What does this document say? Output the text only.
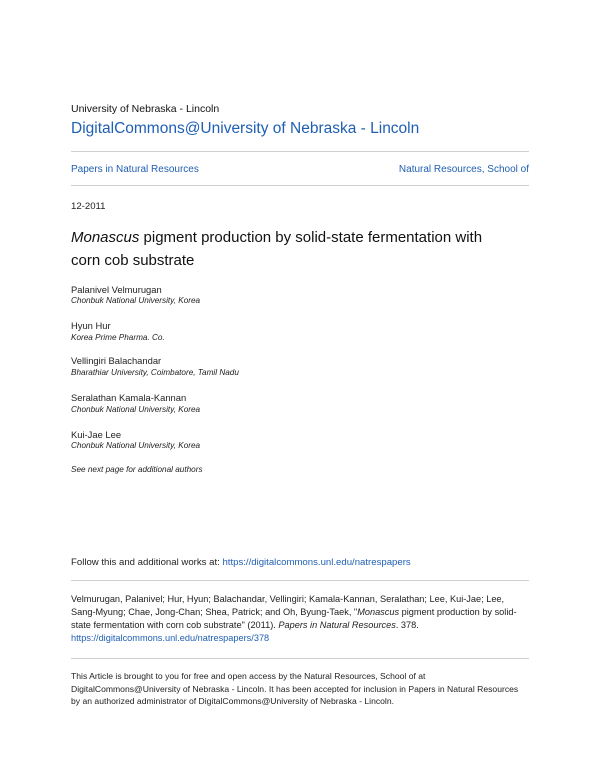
University of Nebraska - Lincoln
DigitalCommons@University of Nebraska - Lincoln
Papers in Natural Resources	Natural Resources, School of
12-2011
Monascus pigment production by solid-state fermentation with
corn cob substrate
Palanivel Velmurugan
Chonbuk National University, Korea
Hyun Hur
Korea Prime Pharma. Co.
Vellingiri Balachandar
Bharathiar University, Coimbatore, Tamil Nadu
Seralathan Kamala-Kannan
Chonbuk National University, Korea
Kui-Jae Lee
Chonbuk National University, Korea
See next page for additional authors
Follow this and additional works at: https://digitalcommons.unl.edu/natrespapers
Velmurugan, Palanivel; Hur, Hyun; Balachandar, Vellingiri; Kamala-Kannan, Seralathan; Lee, Kui-Jae; Lee, Sang-Myung; Chae, Jong-Chan; Shea, Patrick; and Oh, Byung-Taek, "Monascus pigment production by solid-state fermentation with corn cob substrate" (2011). Papers in Natural Resources. 378.
https://digitalcommons.unl.edu/natrespapers/378
This Article is brought to you for free and open access by the Natural Resources, School of at DigitalCommons@University of Nebraska - Lincoln. It has been accepted for inclusion in Papers in Natural Resources by an authorized administrator of DigitalCommons@University of Nebraska - Lincoln.
